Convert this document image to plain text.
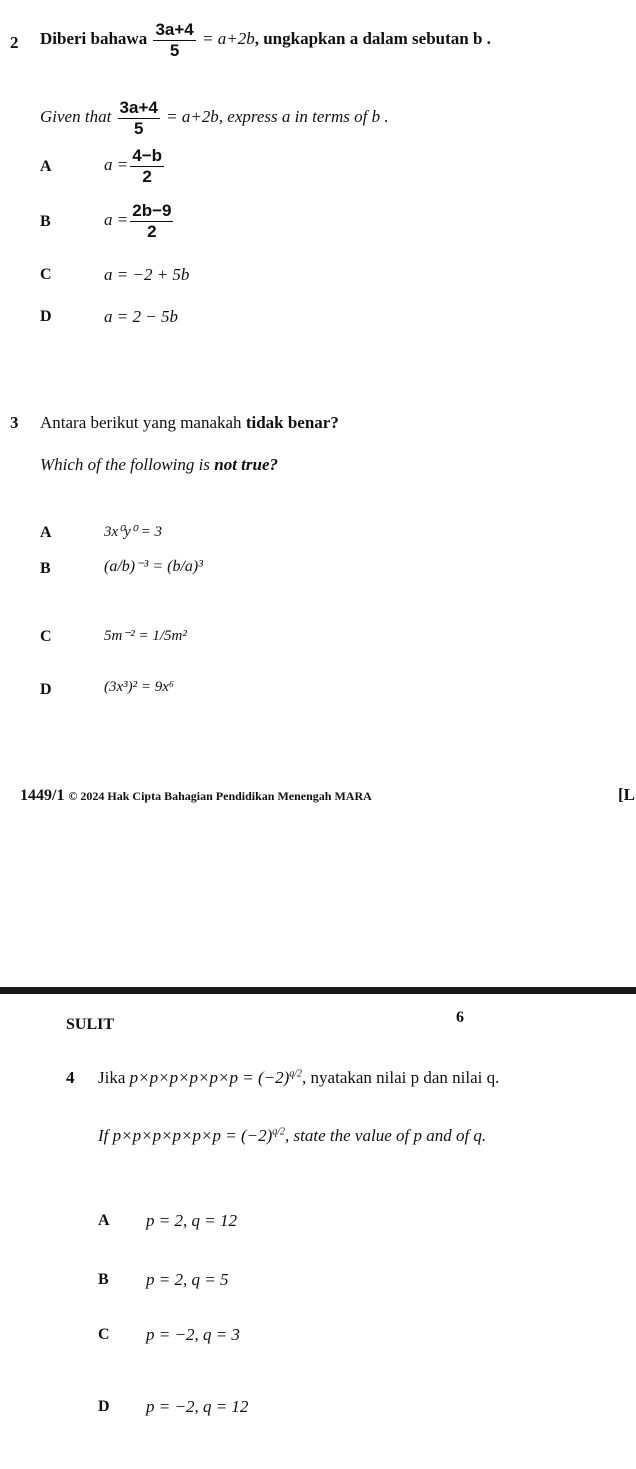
2 Diberi bahawa $\frac{3a+4}{5} = a+2b$, ungkapkan a dalam sebutan b .
Given that $\frac{3a+4}{5} = a+2b$, express a in terms of b .
A	$a = \frac{4-b}{2}$
B	$a = \frac{2b-9}{2}$
C	a = −2 + 5b
D	a = 2 − 5b
3 Antara berikut yang manakah tidak benar?
Which of the following is not true?
A	3x⁰y⁰ = 3
B	(a/b)⁻³ = (b/a)³
C	5m⁻² = 1/5m²
D	(3x³)² = 9x⁶
1449/1 © 2024 Hak Cipta Bahagian Pendidikan Menengah MARA	[L
SULIT	6
4 Jika $p\times p\times p\times p\times p\times p = (-2)^{q/2}$, nyatakan nilai p dan nilai q.
If $p\times p\times p\times p\times p\times p = (-2)^{q/2}$, state the value of p and of q.
A p = 2, q = 12
B p = 2, q = 5
C p = −2, q = 3
D p = −2, q = 12
